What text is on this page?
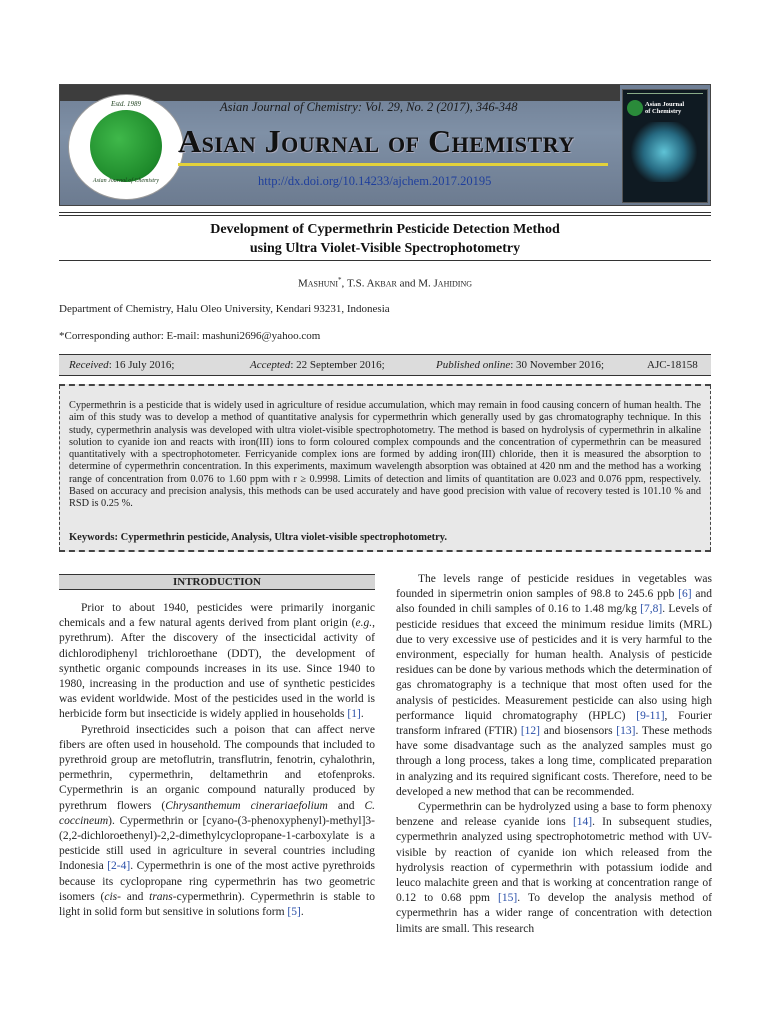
Estd. 1989
Asian Journal of Chemistry
Asian Journal of Chemistry: Vol. 29, No. 2 (2017), 346-348
Asian Journal of Chemistry
http://dx.doi.org/10.14233/ajchem.2017.20195
Asian Journal
of Chemistry
Development of Cypermethrin Pesticide Detection Method
using Ultra Violet-Visible Spectrophotometry
Mashuni*, T.S. Akbar and M. Jahiding
Department of Chemistry, Halu Oleo University, Kendari 93231, Indonesia
*Corresponding author: E-mail: mashuni2696@yahoo.com
Received: 16 July 2016;	Accepted: 22 September 2016;	Published online: 30 November 2016;	AJC-18158
Cypermethrin is a pesticide that is widely used in agriculture of residue accumulation, which may remain in food causing concern of human health. The aim of this study was to develop a method of quantitative analysis for cypermethrin which generally used by gas chromatography technique. In this study, cypermethrin analysis was developed with ultra violet-visible spectrophotometry. The method is based on hydrolysis of cypermethrin in alkaline solution to cyanide ion and reacts with iron(III) ions to form coloured complex compounds and the concentration of cypermethrin can be measured quantitatively with a spectrophotometer. Ferricyanide complex ions are formed by adding iron(III) chloride, then it is measured the absorption to determine of cypermethrin concentration. In this experiments, maximum wavelength absorption was obtained at 420 nm and the method has a working range of concentration from 0.076 to 1.60 ppm with r ≥ 0.9998. Limits of detection and limits of quantitation are 0.023 and 0.076 ppm, respectively. Based on accuracy and precision analysis, this methods can be used accurately and have good precision with value of recovery tested is 101.10 % and RSD is 0.25 %.
Keywords: Cypermethrin pesticide, Analysis, Ultra violet-visible spectrophotometry.
INTRODUCTION

Prior to about 1940, pesticides were primarily inorganic chemicals and a few natural agents derived from plant origin (e.g., pyrethrum). After the discovery of the insecticidal activity of dichlorodiphenyl trichloroethane (DDT), the development of synthetic organic compounds increases in its use. Since 1940 to 1980, increasing in the production and use of synthetic pesticides was evident worldwide. Most of the pesticides used in the world is herbicide form but insecticide is widely applied in households [1].

Pyrethroid insecticides such a poison that can affect nerve fibers are often used in household. The compounds that included to pyrethroid group are metoflutrin, transflutrin, fenotrin, cyhalothrin, permethrin, cypermethrin, deltamethrin and etofenproks. Cypermethrin is an organic compound naturally produced by pyrethrum flowers (Chrysanthemum cinerariaefolium and C. coccineum). Cypermethrin or [cyano-(3-phenoxyphenyl)-methyl]3-(2,2-dichloroethenyl)-2,2-dimethylcyclopropane-1-carboxylate is a pesticide still used in agriculture in several countries including Indonesia [2-4]. Cypermethrin is one of the most active pyrethroids because its cyclopropane ring cypermethrin has two geometric isomers (cis- and trans-cypermethrin). Cypermethrin is stable to light in solid form but sensitive in solutions form [5].

The levels range of pesticide residues in vegetables was founded in sipermetrin onion samples of 98.8 to 245.6 ppb [6] and also founded in chili samples of 0.16 to 1.48 mg/kg [7,8]. Levels of pesticide residues that exceed the minimum residue limits (MRL) due to very excessive use of pesticides and it is very harmful to the environment, especially for human health. Analysis of pesticide residues can be done by various methods which the determination of gas chromatography is a technique that most often used for the analysis of pesticides. Measurement pesticide can also using high performance liquid chromatography (HPLC) [9-11], Fourier transform infrared (FTIR) [12] and biosensors [13]. These methods have some disadvantage such as the analyzed samples must go through a long process, takes a long time, complicated preparation in analyzing and its required significant costs. Therefore, need to be developed a new method that can be recommended.

Cypermethrin can be hydrolyzed using a base to form phenoxy benzene and release cyanide ions [14]. In subsequent studies, cypermethrin analyzed using spectrophotometric method with UV-visible by reaction of cyanide ion which released from the hydrolysis reaction of cypermethrin with potassium iodide and leuco malachite green and that is working at concentration range of 0.12 to 0.68 ppm [15]. To develop the analysis method of cypermethrin has a wider range of concentration with detection limits are small. This research
